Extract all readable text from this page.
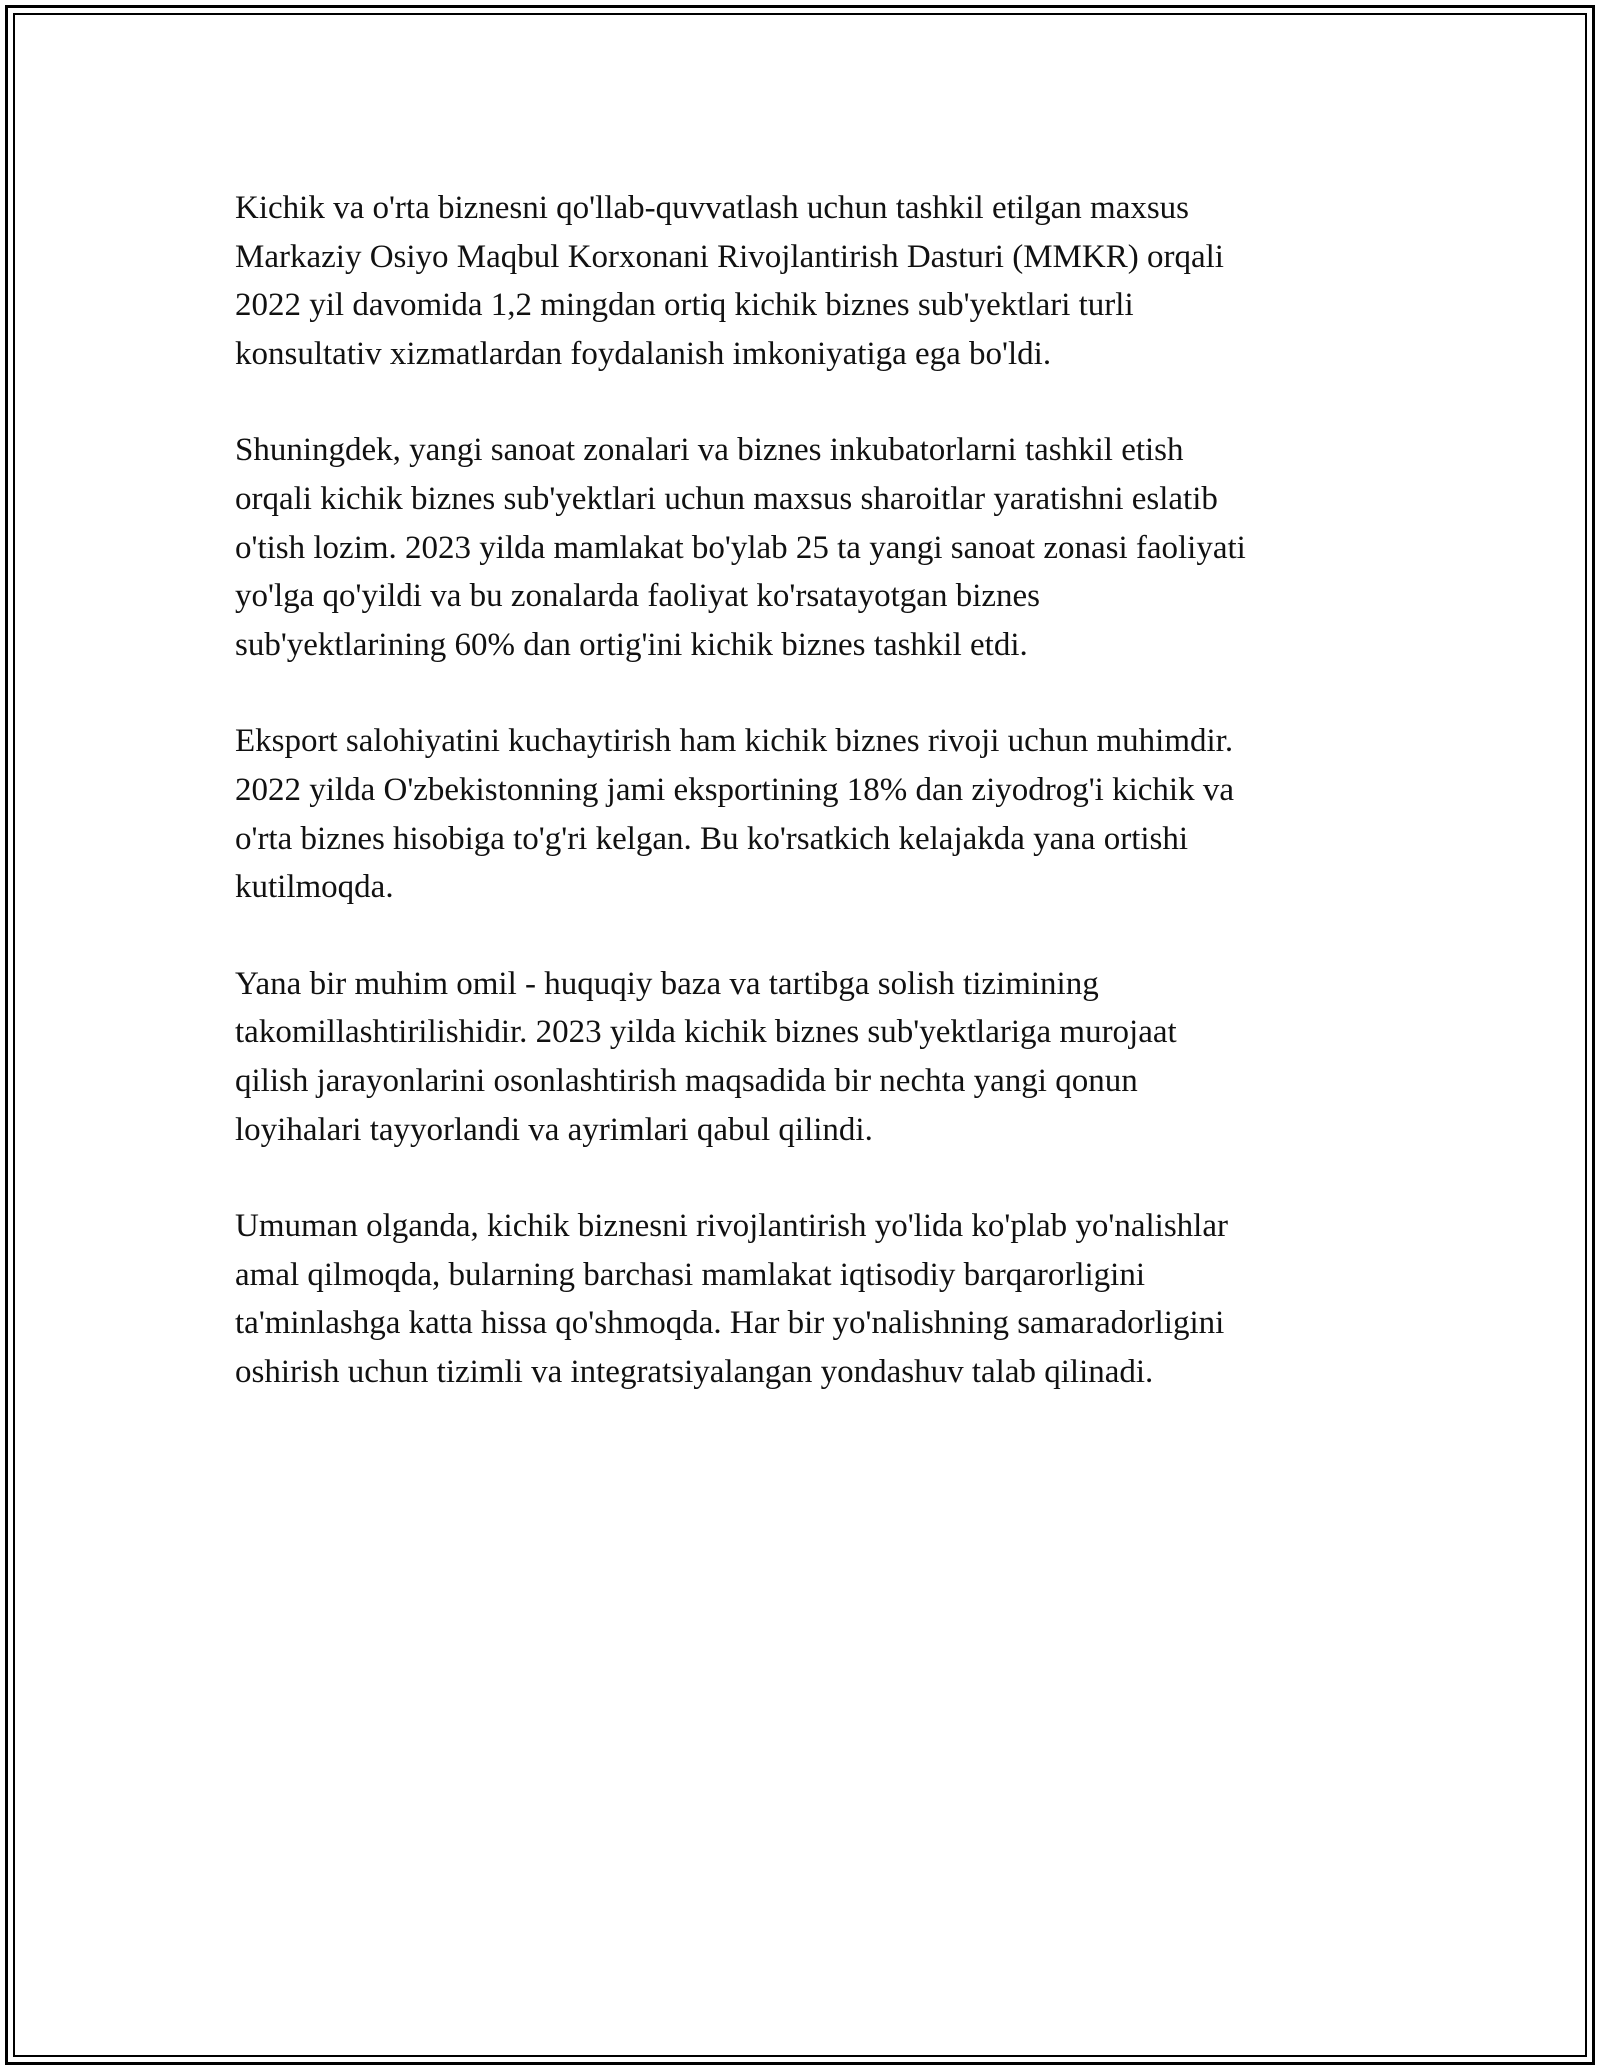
Kichik va o'rta biznesni qo'llab-quvvatlash uchun tashkil etilgan maxsus
Markaziy Osiyo Maqbul Korxonani Rivojlantirish Dasturi (MMKR) orqali
2022 yil davomida 1,2 mingdan ortiq kichik biznes sub'yektlari turli
konsultativ xizmatlardan foydalanish imkoniyatiga ega bo'ldi.

Shuningdek, yangi sanoat zonalari va biznes inkubatorlarni tashkil etish
orqali kichik biznes sub'yektlari uchun maxsus sharoitlar yaratishni eslatib
o'tish lozim. 2023 yilda mamlakat bo'ylab 25 ta yangi sanoat zonasi faoliyati
yo'lga qo'yildi va bu zonalarda faoliyat ko'rsatayotgan biznes
sub'yektlarining 60% dan ortig'ini kichik biznes tashkil etdi.

Eksport salohiyatini kuchaytirish ham kichik biznes rivoji uchun muhimdir.
2022 yilda O'zbekistonning jami eksportining 18% dan ziyodrog'i kichik va
o'rta biznes hisobiga to'g'ri kelgan. Bu ko'rsatkich kelajakda yana ortishi
kutilmoqda.

Yana bir muhim omil - huquqiy baza va tartibga solish tizimining
takomillashtirilishidir. 2023 yilda kichik biznes sub'yektlariga murojaat
qilish jarayonlarini osonlashtirish maqsadida bir nechta yangi qonun
loyihalari tayyorlandi va ayrimlari qabul qilindi.

Umuman olganda, kichik biznesni rivojlantirish yo'lida ko'plab yo'nalishlar
amal qilmoqda, bularning barchasi mamlakat iqtisodiy barqarorligini
ta'minlashga katta hissa qo'shmoqda. Har bir yo'nalishning samaradorligini
oshirish uchun tizimli va integratsiyalangan yondashuv talab qilinadi.
